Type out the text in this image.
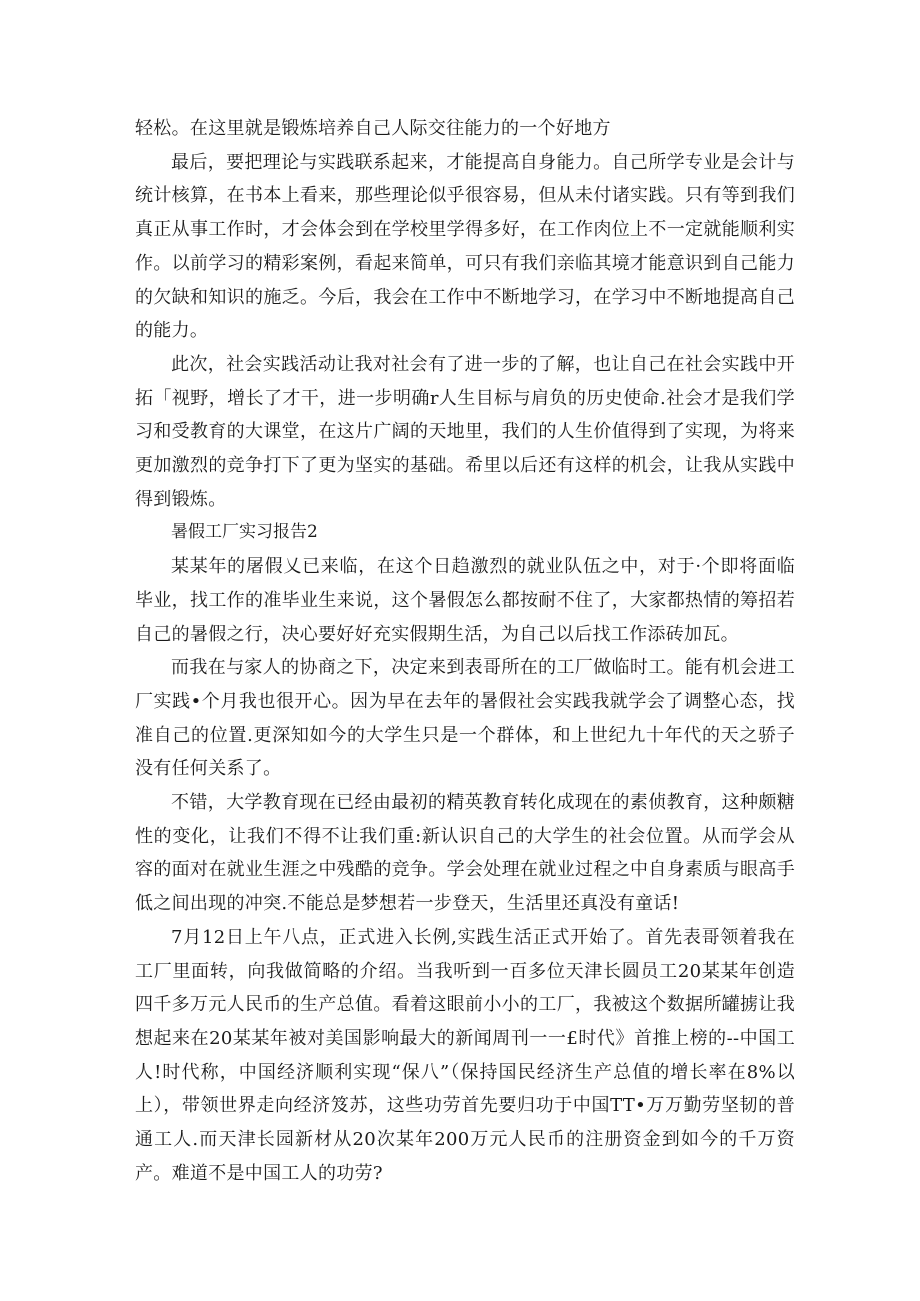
轻松。在这里就是锻炼培养自己人际交往能力的一个好地方

最后，要把理论与实践联系起来，才能提高自身能力。自己所学专业是会计与统计核算，在书本上看来，那些理论似乎很容易，但从未付诸实践。只有等到我们真正从事工作时，才会体会到在学校里学得多好，在工作肉位上不一定就能顺利实作。以前学习的精彩案例，看起来简单，可只有我们亲临其境才能意识到自己能力的欠缺和知识的施乏。今后，我会在工作中不断地学习，在学习中不断地提高自己的能力。

此次，社会实践活动让我对社会有了进一步的了解，也让自己在社会实践中开拓「视野，增长了才干，进一步明确r人生目标与肩负的历史使命.社会才是我们学习和受教育的大课堂，在这片广阔的天地里，我们的人生价值得到了实现，为将来更加激烈的竞争打下了更为坚实的基础。希里以后还有这样的机会，让我从实践中得到锻炼。

暑假工厂实习报告2

某某年的屠假乂已来临，在这个日趋激烈的就业队伍之中，对于·个即将面临毕业，找工作的准毕业生来说，这个暑假怎么都按耐不住了，大家都热情的筹招若自己的暑假之行，决心要好好充实假期生活，为自己以后找工作添砖加瓦。

而我在与家人的协商之下，决定来到表哥所在的工厂做临时工。能有机会进工厂实践•个月我也很开心。因为早在去年的暑假社会实践我就学会了调整心态，找准自己的位置.更深知如今的大学生只是一个群体，和上世纪九十年代的天之骄子没有任何关系了。

不错，大学教育现在已经由最初的精英教育转化成现在的素侦教育，这种颇糖性的变化，让我们不得不让我们重:新认识自己的大学生的社会位置。从而学会从容的面对在就业生涯之中残酷的竞争。学会处理在就业过程之中自身素质与眼高手低之间出现的冲突.不能总是梦想若一步登天，生活里还真没有童话!

7月12日上午八点，正式进入长例,实践生活正式开始了。首先表哥领着我在工厂里面转，向我做简略的介绍。当我听到一百多位天津长圆员工20某某年创造四千多万元人民币的生产总值。看着这眼前小小的工厂，我被这个数据所罐掳让我想起来在20某某年被对美国影响最大的新闻周刊一一£时代》首推上榜的--中国工人!时代称，中国经济顺利实现“保八”（保持国民经济生产总值的增长率在8%以上），带领世界走向经济笈苏，这些功劳首先要归功于中国TT•万万勤劳坚韧的普通工人.而天津长园新材从20次某年200万元人民币的注册资金到如今的千万资产。难道不是中国工人的功劳?
